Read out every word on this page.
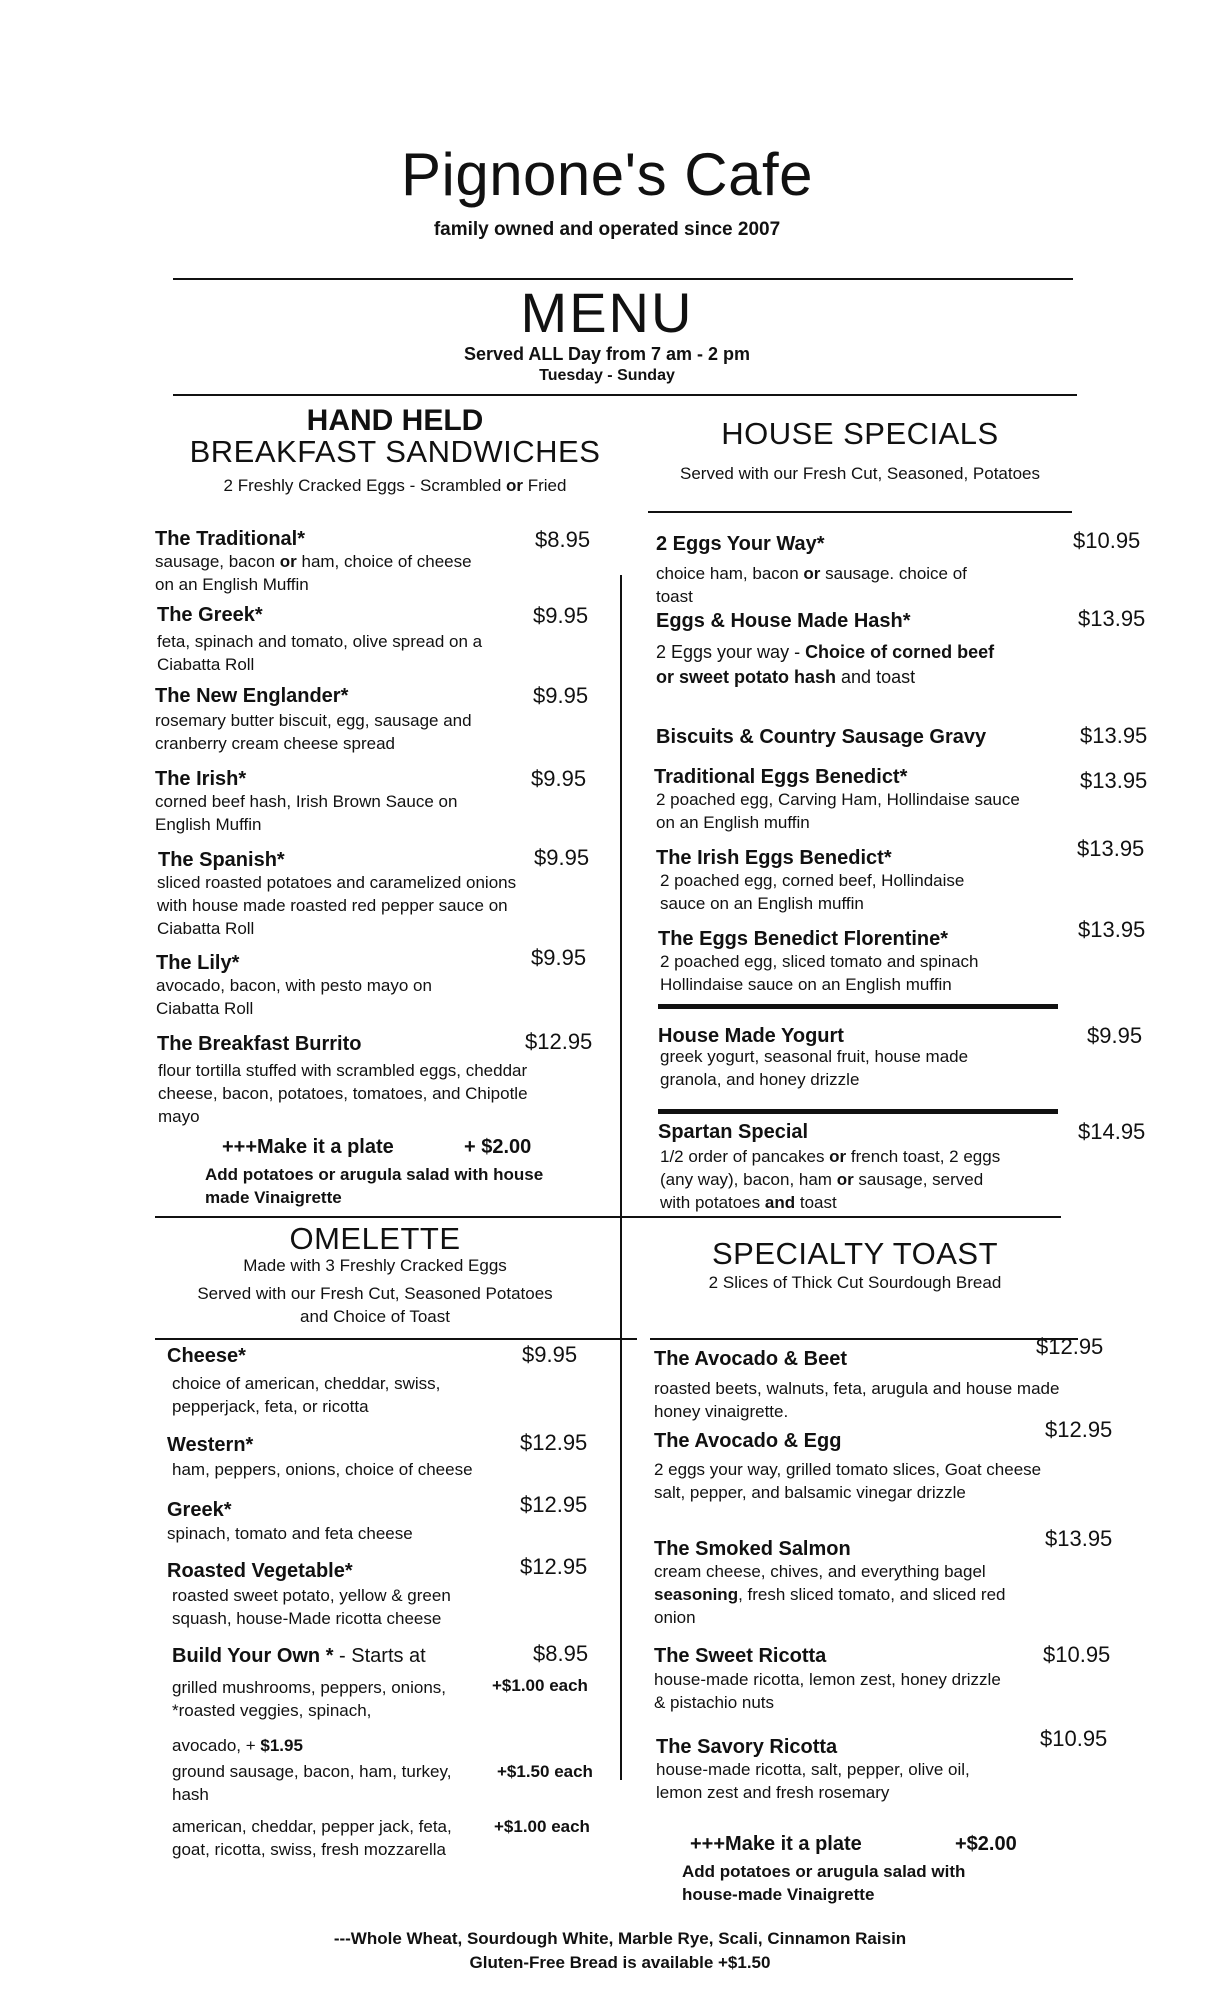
Pignone's Cafe
family owned and operated since 2007
MENU
Served ALL Day from 7 am - 2 pm
Tuesday - Sunday
HAND HELD
BREAKFAST SANDWICHES
2 Freshly Cracked Eggs - Scrambled or Fried
The Traditional*	$8.95
sausage, bacon or ham, choice of cheese on an English Muffin
The Greek*	$9.95
feta, spinach and tomato, olive spread on a Ciabatta Roll
The New Englander*	$9.95
rosemary butter biscuit, egg, sausage and cranberry cream cheese spread
The Irish*	$9.95
corned beef hash, Irish Brown Sauce on English Muffin
The Spanish*	$9.95
sliced roasted potatoes and caramelized onions with house made roasted red pepper sauce on Ciabatta Roll
The Lily*	$9.95
avocado, bacon, with pesto mayo on Ciabatta Roll
The Breakfast Burrito	$12.95
flour tortilla stuffed with scrambled eggs, cheddar cheese, bacon, potatoes, tomatoes, and Chipotle mayo
+++Make it a plate	+ $2.00
Add potatoes or arugula salad with house made Vinaigrette
HOUSE SPECIALS
Served with our Fresh Cut, Seasoned, Potatoes
2 Eggs Your Way*	$10.95
choice ham, bacon or sausage. choice of toast
Eggs & House Made Hash*	$13.95
2 Eggs your way - Choice of corned beef or sweet potato hash and toast
Biscuits & Country Sausage Gravy	$13.95
Traditional Eggs Benedict*	$13.95
2 poached egg, Carving Ham, Hollindaise sauce on an English muffin
The Irish Eggs Benedict*	$13.95
2 poached egg, corned beef, Hollindaise sauce on an English muffin
The Eggs Benedict Florentine*	$13.95
2 poached egg, sliced tomato and spinach Hollindaise sauce on an English muffin
House Made Yogurt	$9.95
greek yogurt, seasonal fruit, house made granola, and honey drizzle
Spartan Special	$14.95
1/2 order of pancakes or french toast, 2 eggs (any way), bacon, ham or sausage, served with potatoes and toast
OMELETTE
Made with 3 Freshly Cracked Eggs
Served with our Fresh Cut, Seasoned Potatoes and Choice of Toast
Cheese*	$9.95
choice of american, cheddar, swiss, pepperjack, feta, or ricotta
Western*	$12.95
ham, peppers, onions, choice of cheese
Greek*	$12.95
spinach, tomato and feta cheese
Roasted Vegetable*	$12.95
roasted sweet potato, yellow & green squash, house-Made ricotta cheese
Build Your Own * - Starts at	$8.95
grilled mushrooms, peppers, onions, *roasted veggies, spinach,
+$1.00 each
avocado, + $1.95
ground sausage, bacon, ham, turkey, hash
+$1.50 each
american, cheddar, pepper jack, feta, goat, ricotta, swiss, fresh mozzarella
+$1.00 each
SPECIALTY TOAST
2 Slices of Thick Cut Sourdough Bread
The Avocado & Beet	$12.95
roasted beets, walnuts, feta, arugula and house made honey vinaigrette.
The Avocado & Egg	$12.95
2 eggs your way, grilled tomato slices, Goat cheese salt, pepper, and balsamic vinegar drizzle
The Smoked Salmon	$13.95
cream cheese, chives, and everything bagel seasoning, fresh sliced tomato, and sliced red onion
The Sweet Ricotta	$10.95
house-made ricotta, lemon zest, honey drizzle & pistachio nuts
The Savory Ricotta	$10.95
house-made ricotta, salt, pepper, olive oil, lemon zest and fresh rosemary
+++Make it a plate	+$2.00
Add potatoes or arugula salad with house-made Vinaigrette
---Whole Wheat, Sourdough White, Marble Rye, Scali, Cinnamon Raisin
Gluten-Free Bread is available +$1.50
